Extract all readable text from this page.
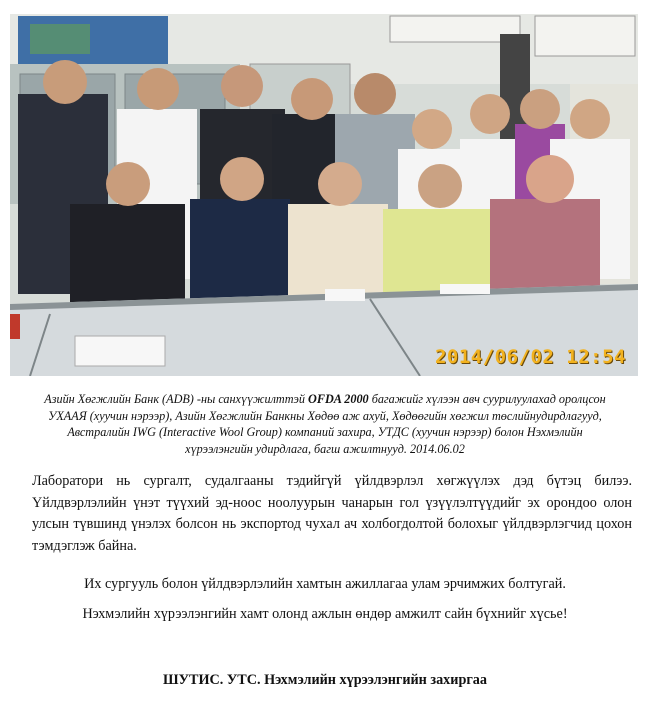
2014/06/02 12:54
Азийн Хөгжлийн Банк (ADB) -ны санхүүжилттэй OFDA 2000 багажийг хүлээн авч суурилуулахад оролцсон
УХААЯ (хуучин нэрээр), Азийн Хөгжлийн Банкны Хөдөө аж ахуй, Хөдөөгийн хөгжил төслийнудирдлагууд,
Австралийн IWG (Interactive Wool Group) компаний захира, УТДС (хуучин нэрээр) болон Нэхмэлийн
хүрээлэнгийн удирдлага, багш ажилтнууд. 2014.06.02
Лаборатори нь сургалт, судалгааны тэдийгүй үйлдвэрлэл хөгжүүлэх дэд бүтэц билээ. Үйлдвэрлэлийн үнэт түүхий эд-ноос ноолуурын чанарын гол үзүүлэлтүүдийг эх орондоо олон улсын түвшинд үнэлэх болсон нь экспортод чухал ач холбогдолтой болохыг үйлдвэрлэгчид цохон тэмдэглэж байна.
Их сургууль болон үйлдвэрлэлийн хамтын ажиллагаа улам эрчимжих болтугай.
Нэхмэлийн хүрээлэнгийн хамт олонд ажлын өндөр амжилт сайн бүхнийг хүсье!
ШУТИС. УТС. Нэхмэлийн хүрээлэнгийн захиргаа
